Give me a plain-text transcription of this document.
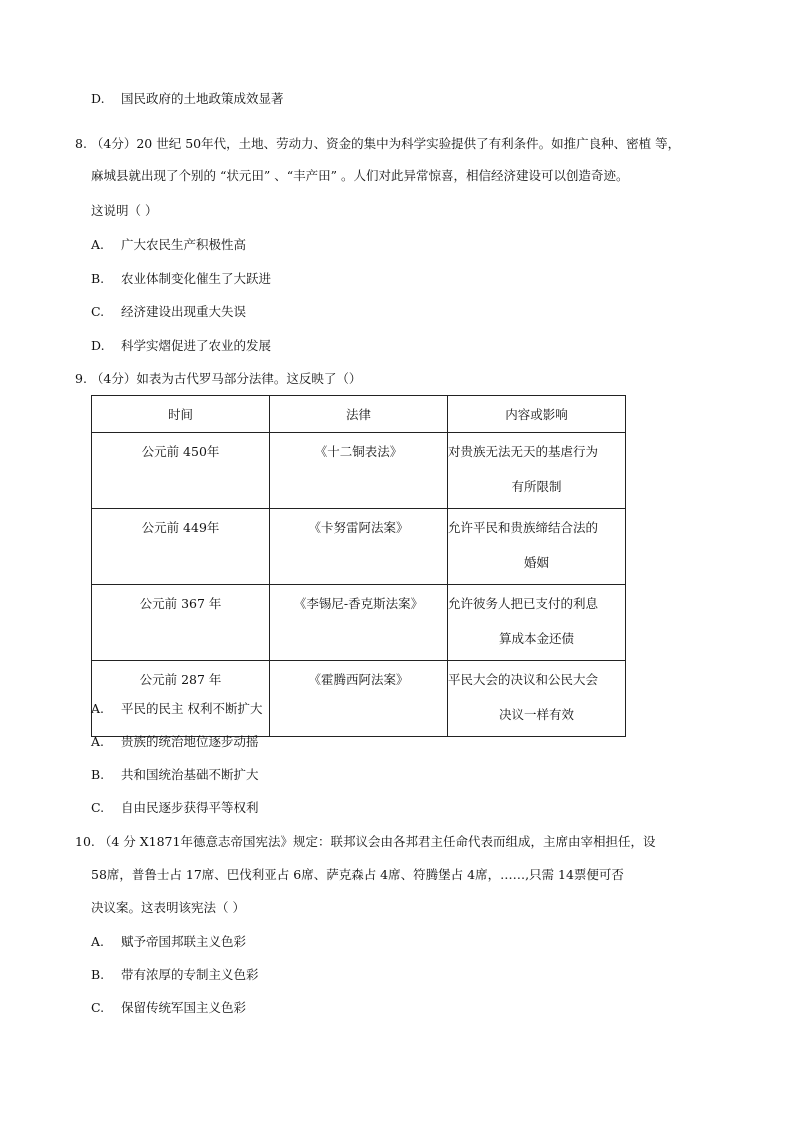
D. 国民政府的土地政策成效显著
8. （4分）20 世纪 50年代，土地、劳动力、资金的集中为科学实验提供了有利条件。如推广良种、密植 等，
麻城县就出现了个别的 “状元田” 、“丰产田” 。人们对此异常惊喜，相信经济建设可以创造奇迹。
这说明（ ）
A. 广大农民生产积极性高
B. 农业体制变化催生了大跃进
C. 经济建设出现重大失误
D. 科学实熠促进了农业的发展
9. （4分）如表为古代罗马部分法律。这反映了（）
时间	法律	内容或影响
公元前 450年	《十二铜表法》	对贵族无法无天的基虐行为
有所限制

公元前 449年	《卡努雷阿法案》	允许平民和贵族缔结合法的
婚姻

公元前 367 年	《李锡尼-香克斯法案》	允许彼务人把已支付的利息
算成本金还债

公元前 287 年	《霍腾西阿法案》	平民大会的决议和公民大会
决议一样有效
A. 平民的民主 权利不断扩大
A. 贵族的统治地位逐步动摇
B. 共和国统治基础不断扩大
C. 自由民逐步获得平等权利
10. （4 分 X1871年德意志帝国宪法》规定：联邦议会由各邦君主任命代表而组成，主席由宰相担任，设
58席，普鲁士占 17席、巴伐利亚占 6席、萨克森占 4席、符腾堡占 4席，……,只需 14票便可否
决议案。这表明该宪法（ ）
A. 赋予帝国邦联主义色彩
B. 带有浓厚的专制主义色彩
C. 保留传统军国主义色彩
